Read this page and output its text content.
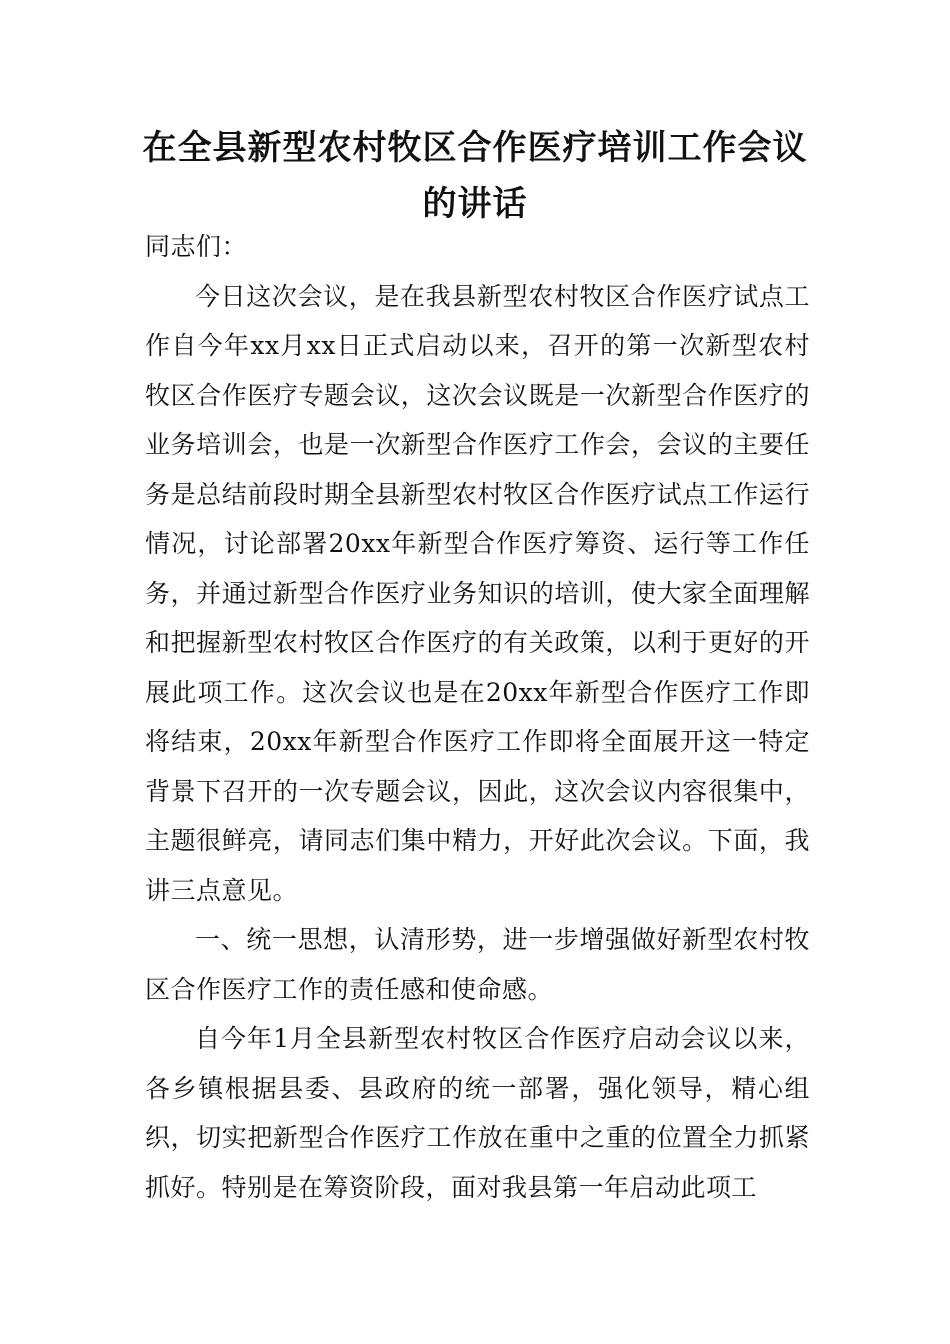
在全县新型农村牧区合作医疗培训工作会议的讲话

同志们：

今日这次会议，是在我县新型农村牧区合作医疗试点工作自今年xx月xx日正式启动以来，召开的第一次新型农村牧区合作医疗专题会议，这次会议既是一次新型合作医疗的业务培训会，也是一次新型合作医疗工作会，会议的主要任务是总结前段时期全县新型农村牧区合作医疗试点工作运行情况，讨论部署20xx年新型合作医疗筹资、运行等工作任务，并通过新型合作医疗业务知识的培训，使大家全面理解和把握新型农村牧区合作医疗的有关政策，以利于更好的开展此项工作。这次会议也是在20xx年新型合作医疗工作即将结束，20xx年新型合作医疗工作即将全面展开这一特定背景下召开的一次专题会议，因此，这次会议内容很集中，主题很鲜亮，请同志们集中精力，开好此次会议。下面，我讲三点意见。

一、统一思想，认清形势，进一步增强做好新型农村牧区合作医疗工作的责任感和使命感。

自今年1月全县新型农村牧区合作医疗启动会议以来，各乡镇根据县委、县政府的统一部署，强化领导，精心组织，切实把新型合作医疗工作放在重中之重的位置全力抓紧抓好。特别是在筹资阶段，面对我县第一年启动此项工
